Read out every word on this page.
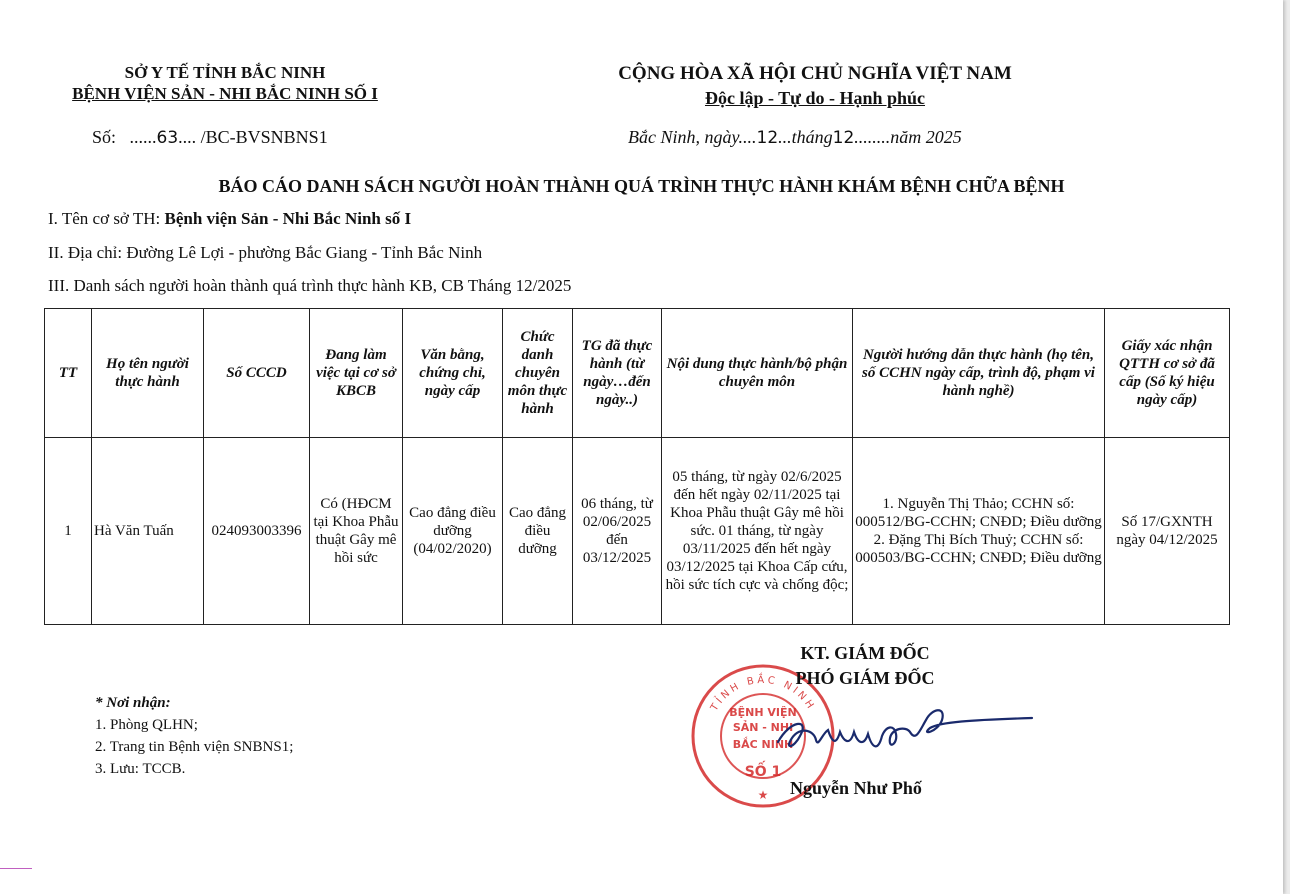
SỞ Y TẾ TỈNH BẮC NINH
BỆNH VIỆN SẢN - NHI BẮC NINH SỐ I
CỘNG HÒA XÃ HỘI CHỦ NGHĨA VIỆT NAM
Độc lập - Tự do - Hạnh phúc
Số: ......63.... /BC-BVSNBNS1	Bắc Ninh, ngày....12...tháng12........năm 2025
BÁO CÁO DANH SÁCH NGƯỜI HOÀN THÀNH QUÁ TRÌNH THỰC HÀNH KHÁM BỆNH CHỮA BỆNH
I. Tên cơ sở TH: Bệnh viện Sản - Nhi Bắc Ninh số I
II. Địa chỉ: Đường Lê Lợi - phường Bắc Giang - Tỉnh Bắc Ninh
III. Danh sách người hoàn thành quá trình thực hành KB, CB Tháng 12/2025
TT	Họ tên người thực hành	Số CCCD	Đang làm việc tại cơ sở KBCB	Văn bằng, chứng chỉ, ngày cấp	Chức danh chuyên môn thực hành	TG đã thực hành (từ ngày…đến ngày..)	Nội dung thực hành/bộ phận chuyên môn	Người hướng dẫn thực hành (họ tên, số CCHN ngày cấp, trình độ, phạm vi hành nghề)	Giấy xác nhận QTTH cơ sở đã cấp (Số ký hiệu ngày cấp)
1	Hà Văn Tuấn	024093003396	Có (HĐCM tại Khoa Phẫu thuật Gây mê hồi sức	Cao đẳng điều dưỡng (04/02/2020)	Cao đẳng điều dưỡng	06 tháng, từ 02/06/2025 đến 03/12/2025	05 tháng, từ ngày 02/6/2025 đến hết ngày 02/11/2025 tại Khoa Phẫu thuật Gây mê hồi sức. 01 tháng, từ ngày 03/11/2025 đến hết ngày 03/12/2025 tại Khoa Cấp cứu, hồi sức tích cực và chống độc;	1. Nguyễn Thị Thảo; CCHN số: 000512/BG-CCHN; CNĐD; Điều dưỡng 2. Đặng Thị Bích Thuỷ; CCHN số: 000503/BG-CCHN; CNĐD; Điều dưỡng	Số 17/GXNTH ngày 04/12/2025
* Nơi nhận:
1. Phòng QLHN;
2. Trang tin Bệnh viện SNBNS1;
3. Lưu: TCCB.
TỈNH BẮC NINH
BỆNH VIỆN
SẢN - NHI
BẮC NINH
SỐ 1
★
KT. GIÁM ĐỐC
PHÓ GIÁM ĐỐC
Nguyễn Như Phố
